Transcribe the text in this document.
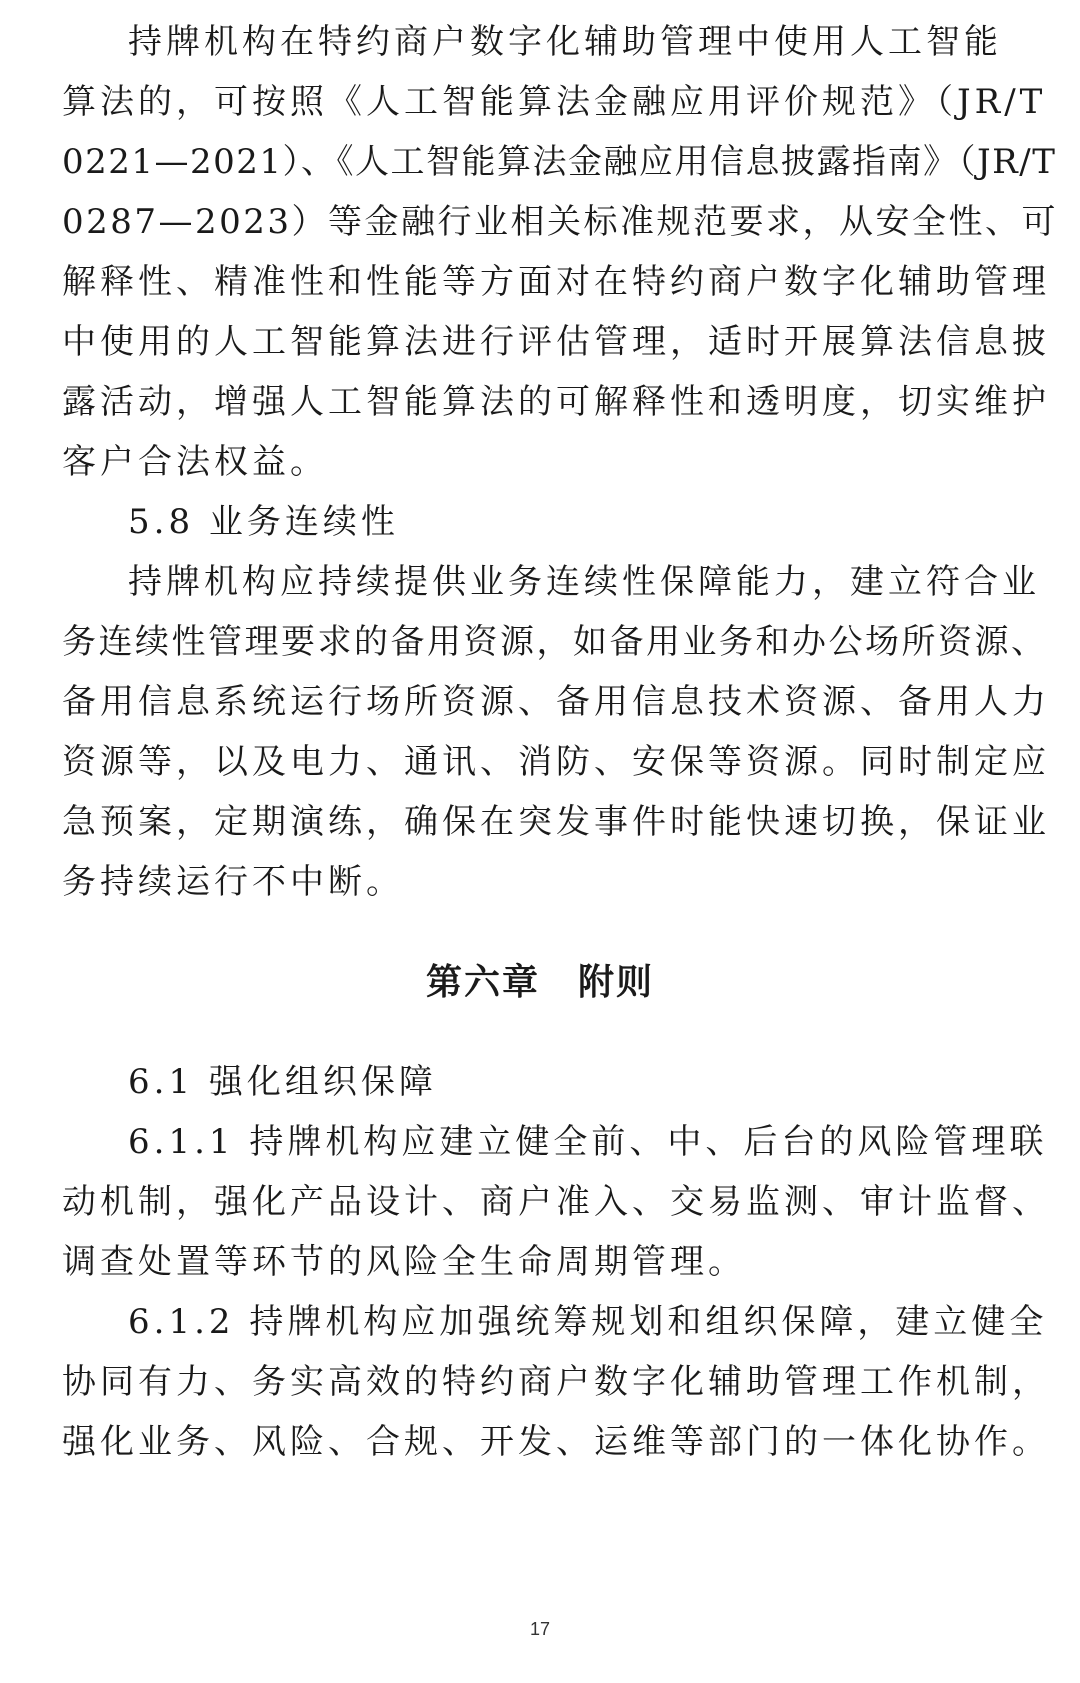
持牌机构在特约商户数字化辅助管理中使用人工智能

算法的，可按照《人工智能算法金融应用评价规范》（JR/T

0221—2021）、《人工智能算法金融应用信息披露指南》（JR/T

0287—2023）等金融行业相关标准规范要求，从安全性、可

解释性、精准性和性能等方面对在特约商户数字化辅助管理

中使用的人工智能算法进行评估管理，适时开展算法信息披

露活动，增强人工智能算法的可解释性和透明度，切实维护

客户合法权益。

5.8 业务连续性

持牌机构应持续提供业务连续性保障能力，建立符合业

务连续性管理要求的备用资源，如备用业务和办公场所资源、

备用信息系统运行场所资源、备用信息技术资源、备用人力

资源等，以及电力、通讯、消防、安保等资源。同时制定应

急预案，定期演练，确保在突发事件时能快速切换，保证业

务持续运行不中断。

第六章　附则

6.1 强化组织保障

6.1.1 持牌机构应建立健全前、中、后台的风险管理联

动机制，强化产品设计、商户准入、交易监测、审计监督、

调查处置等环节的风险全生命周期管理。

6.1.2 持牌机构应加强统筹规划和组织保障，建立健全

协同有力、务实高效的特约商户数字化辅助管理工作机制，

强化业务、风险、合规、开发、运维等部门的一体化协作。

17
